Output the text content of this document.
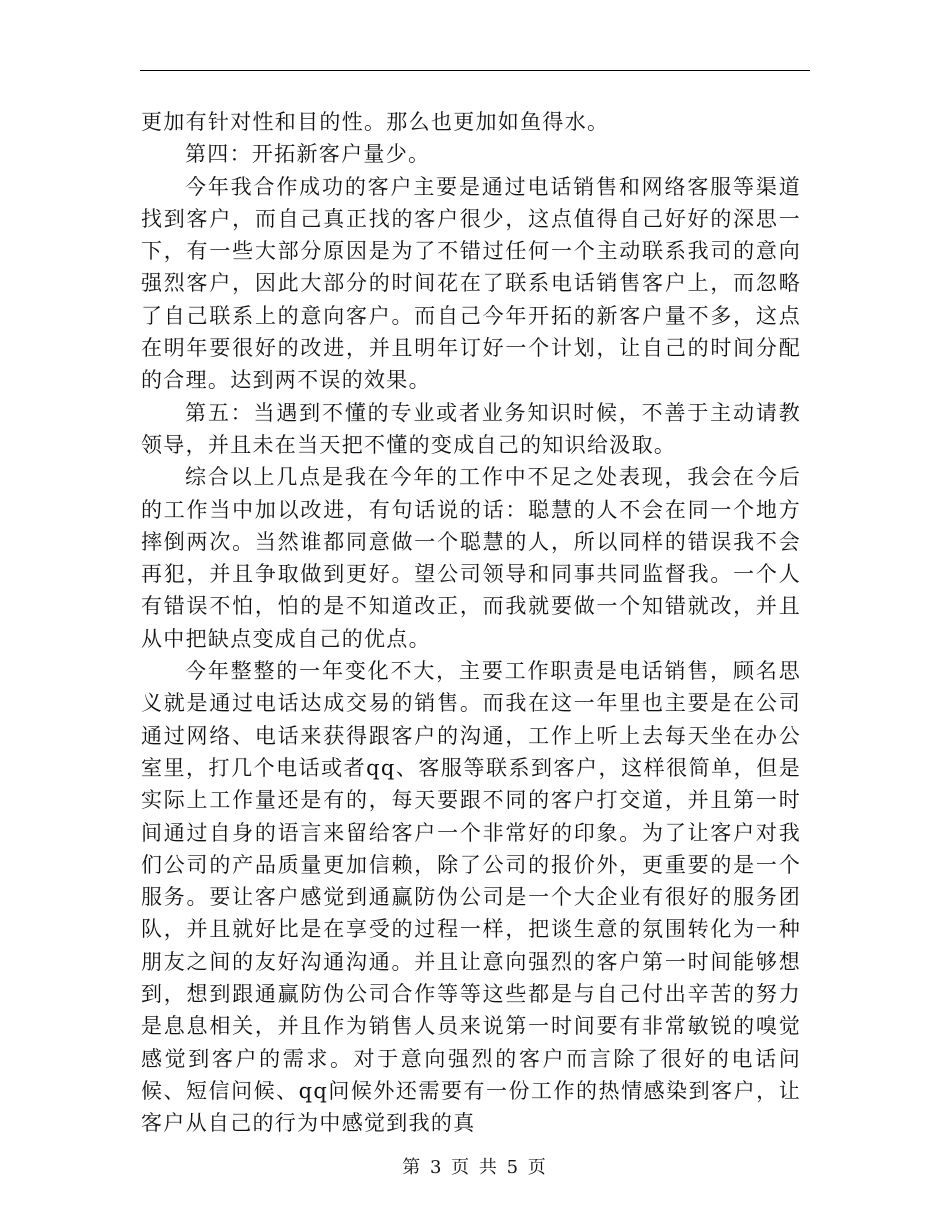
更加有针对性和目的性。那么也更加如鱼得水。

第四：开拓新客户量少。

今年我合作成功的客户主要是通过电话销售和网络客服等渠道找到客户，而自己真正找的客户很少，这点值得自己好好的深思一下，有一些大部分原因是为了不错过任何一个主动联系我司的意向强烈客户，因此大部分的时间花在了联系电话销售客户上，而忽略了自己联系上的意向客户。而自己今年开拓的新客户量不多，这点在明年要很好的改进，并且明年订好一个计划，让自己的时间分配的合理。达到两不误的效果。

第五：当遇到不懂的专业或者业务知识时候，不善于主动请教领导，并且未在当天把不懂的变成自己的知识给汲取。

综合以上几点是我在今年的工作中不足之处表现，我会在今后的工作当中加以改进，有句话说的话：聪慧的人不会在同一个地方摔倒两次。当然谁都同意做一个聪慧的人，所以同样的错误我不会再犯，并且争取做到更好。望公司领导和同事共同监督我。一个人有错误不怕，怕的是不知道改正，而我就要做一个知错就改，并且从中把缺点变成自己的优点。

今年整整的一年变化不大，主要工作职责是电话销售，顾名思义就是通过电话达成交易的销售。而我在这一年里也主要是在公司通过网络、电话来获得跟客户的沟通，工作上听上去每天坐在办公室里，打几个电话或者qq、客服等联系到客户，这样很简单，但是实际上工作量还是有的，每天要跟不同的客户打交道，并且第一时间通过自身的语言来留给客户一个非常好的印象。为了让客户对我们公司的产品质量更加信赖，除了公司的报价外，更重要的是一个服务。要让客户感觉到通赢防伪公司是一个大企业有很好的服务团队，并且就好比是在享受的过程一样，把谈生意的氛围转化为一种朋友之间的友好沟通沟通。并且让意向强烈的客户第一时间能够想到，想到跟通赢防伪公司合作等等这些都是与自己付出辛苦的努力是息息相关，并且作为销售人员来说第一时间要有非常敏锐的嗅觉感觉到客户的需求。对于意向强烈的客户而言除了很好的电话问候、短信问候、qq问候外还需要有一份工作的热情感染到客户，让客户从自己的行为中感觉到我的真

第 3 页 共 5 页
